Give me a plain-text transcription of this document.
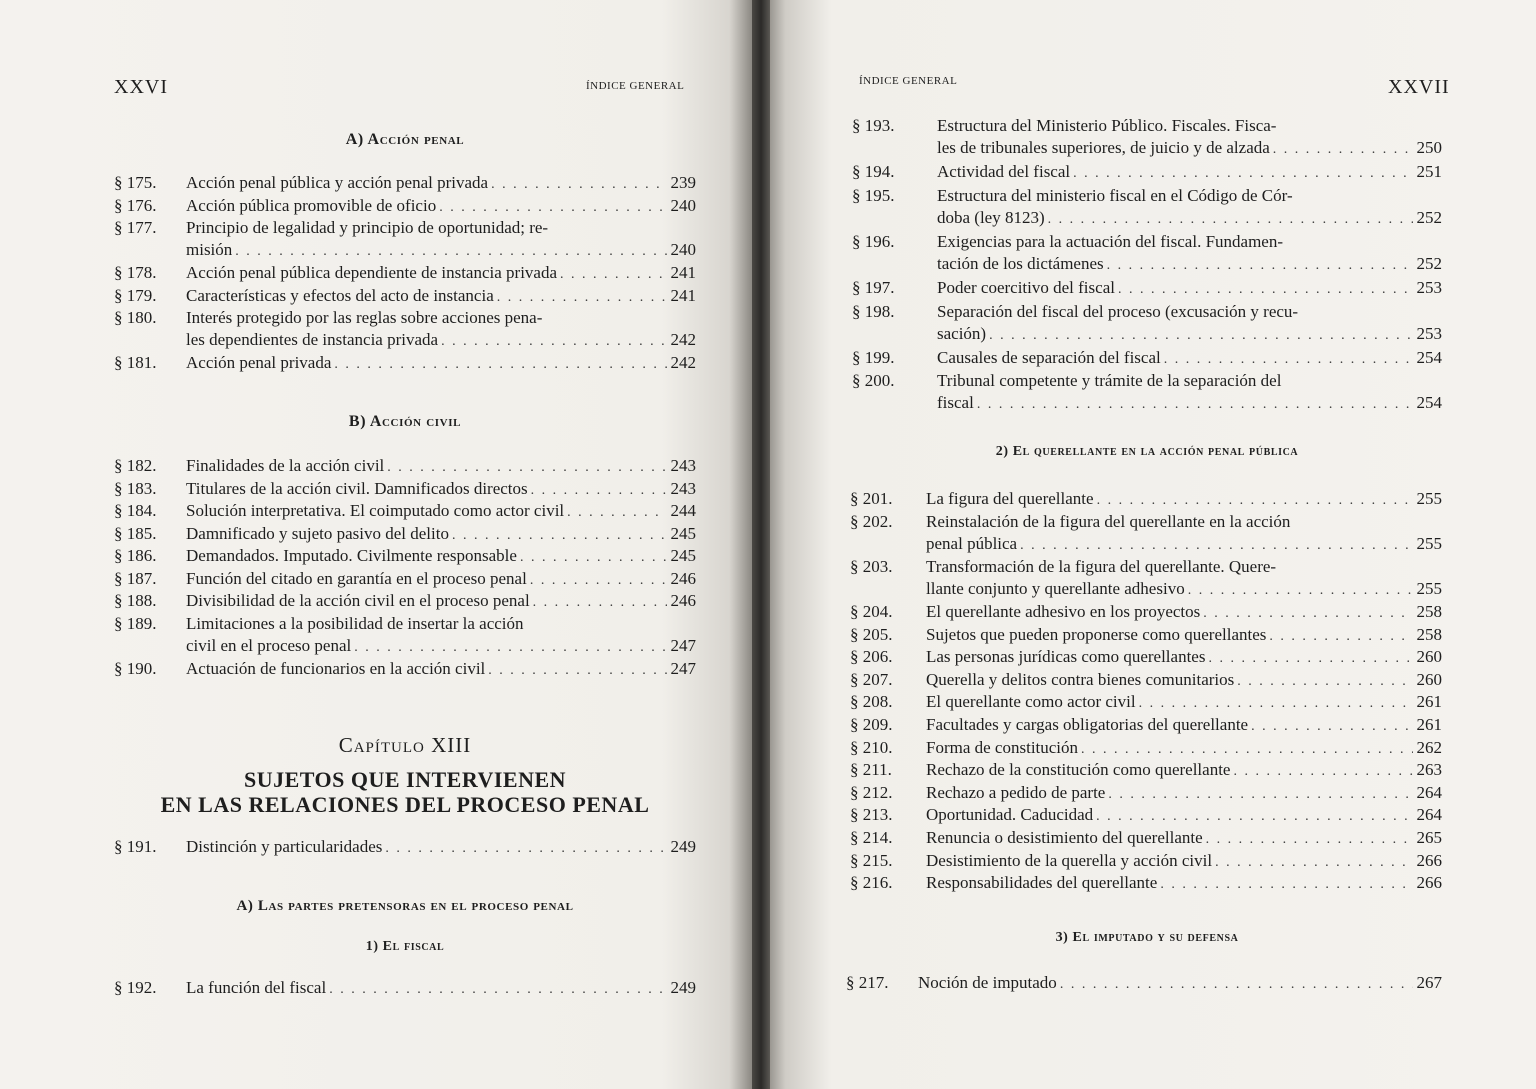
XXVI	ÍNDICE GENERAL
A) Acción penal
§ 175. Acción penal pública y acción penal privada . . .	239
§ 176. Acción pública promovible de oficio . . .	240
§ 177. Principio de legalidad y principio de oportunidad; re-
misión . . .	240
§ 178. Acción penal pública dependiente de instancia privada . . .	241
§ 179. Características y efectos del acto de instancia . . .	241
§ 180. Interés protegido por las reglas sobre acciones pena-
les dependientes de instancia privada . . .	242
§ 181. Acción penal privada . . .	242
B) Acción civil
§ 182. Finalidades de la acción civil . . .	243
§ 183. Titulares de la acción civil. Damnificados directos . . .	243
§ 184. Solución interpretativa. El coimputado como actor civil . . .	244
§ 185. Damnificado y sujeto pasivo del delito . . .	245
§ 186. Demandados. Imputado. Civilmente responsable . . .	245
§ 187. Función del citado en garantía en el proceso penal . . .	246
§ 188. Divisibilidad de la acción civil en el proceso penal . . .	246
§ 189. Limitaciones a la posibilidad de insertar la acción
civil en el proceso penal . . .	247
§ 190. Actuación de funcionarios en la acción civil . . .	247
Capítulo XIII
SUJETOS QUE INTERVIENEN
EN LAS RELACIONES DEL PROCESO PENAL
§ 191. Distinción y particularidades . . .	249
A) Las partes pretensoras en el proceso penal
1) El fiscal
§ 192. La función del fiscal . . .	249
ÍNDICE GENERAL	XXVII
§ 193.	Estructura del Ministerio Público. Fiscales. Fisca-
les de tribunales superiores, de juicio y de alzada . . .	250
§ 194.	Actividad del fiscal . . .	251
§ 195.	Estructura del ministerio fiscal en el Código de Cór-
doba (ley 8123) . . .	252
§ 196.	Exigencias para la actuación del fiscal. Fundamen-
tación de los dictámenes . . .	252
§ 197.	Poder coercitivo del fiscal . . .	253
§ 198.	Separación del fiscal del proceso (excusación y recu-
sación) . . .	253
§ 199.	Causales de separación del fiscal . . .	254
§ 200.	Tribunal competente y trámite de la separación del
fiscal . . .	254
2) El querellante en la acción penal pública
§ 201. La figura del querellante . . .	255
§ 202. Reinstalación de la figura del querellante en la acción
penal pública . . .	255
§ 203. Transformación de la figura del querellante. Quere-
llante conjunto y querellante adhesivo . . .	255
§ 204. El querellante adhesivo en los proyectos . . .	258
§ 205. Sujetos que pueden proponerse como querellantes . . .	258
§ 206. Las personas jurídicas como querellantes . . .	260
§ 207. Querella y delitos contra bienes comunitarios . . .	260
§ 208. El querellante como actor civil . . .	261
§ 209. Facultades y cargas obligatorias del querellante . . .	261
§ 210. Forma de constitución . . .	262
§ 211. Rechazo de la constitución como querellante . . .	263
§ 212. Rechazo a pedido de parte . . .	264
§ 213. Oportunidad. Caducidad . . .	264
§ 214. Renuncia o desistimiento del querellante . . .	265
§ 215. Desistimiento de la querella y acción civil . . .	266
§ 216. Responsabilidades del querellante . . .	266
3) El imputado y su defensa
§ 217. Noción de imputado . . .	267
